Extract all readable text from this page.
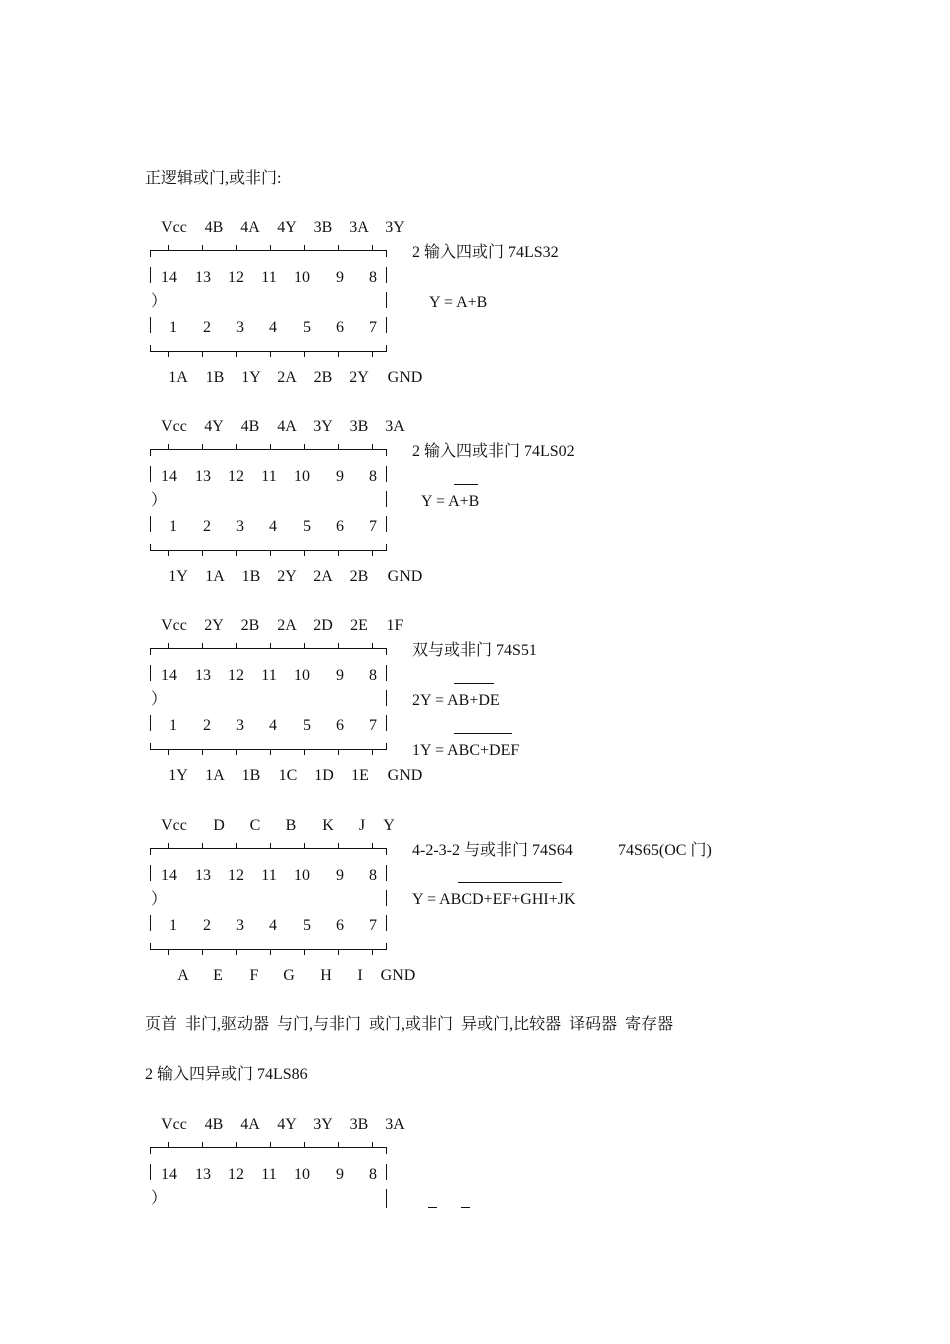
正逻辑或门,或非门:
Vcc 4B 4A 4Y 3B 3A 3Y
14 13 12 11 10 9 8
）
1 2 3 4 5 6 7
1A 1B 1Y 2A 2B 2Y GND
2 输入四或门 74LS32
Y = A+B
Vcc 4Y 4B 4A 3Y 3B 3A
14 13 12 11 10 9 8
）
1 2 3 4 5 6 7
1Y 1A 1B 2Y 2A 2B GND
2 输入四或非门 74LS02
Y = A+B
Vcc 2Y 2B 2A 2D 2E 1F
14 13 12 11 10 9 8
）
1 2 3 4 5 6 7
1Y 1A 1B 1C 1D 1E GND
双与或非门 74S51
2Y = AB+DE
1Y = ABC+DEF
Vcc D C B K J Y
14 13 12 11 10 9 8
）
1 2 3 4 5 6 7
A E F G H I GND
4-2-3-2 与或非门 74S64	74S65(OC 门)
Y = ABCD+EF+GHI+JK
页首 非门,驱动器 与门,与非门 或门,或非门 异或门,比较器 译码器 寄存器
2 输入四异或门 74LS86
Vcc 4B 4A 4Y 3Y 3B 3A
14 13 12 11 10 9 8
）
